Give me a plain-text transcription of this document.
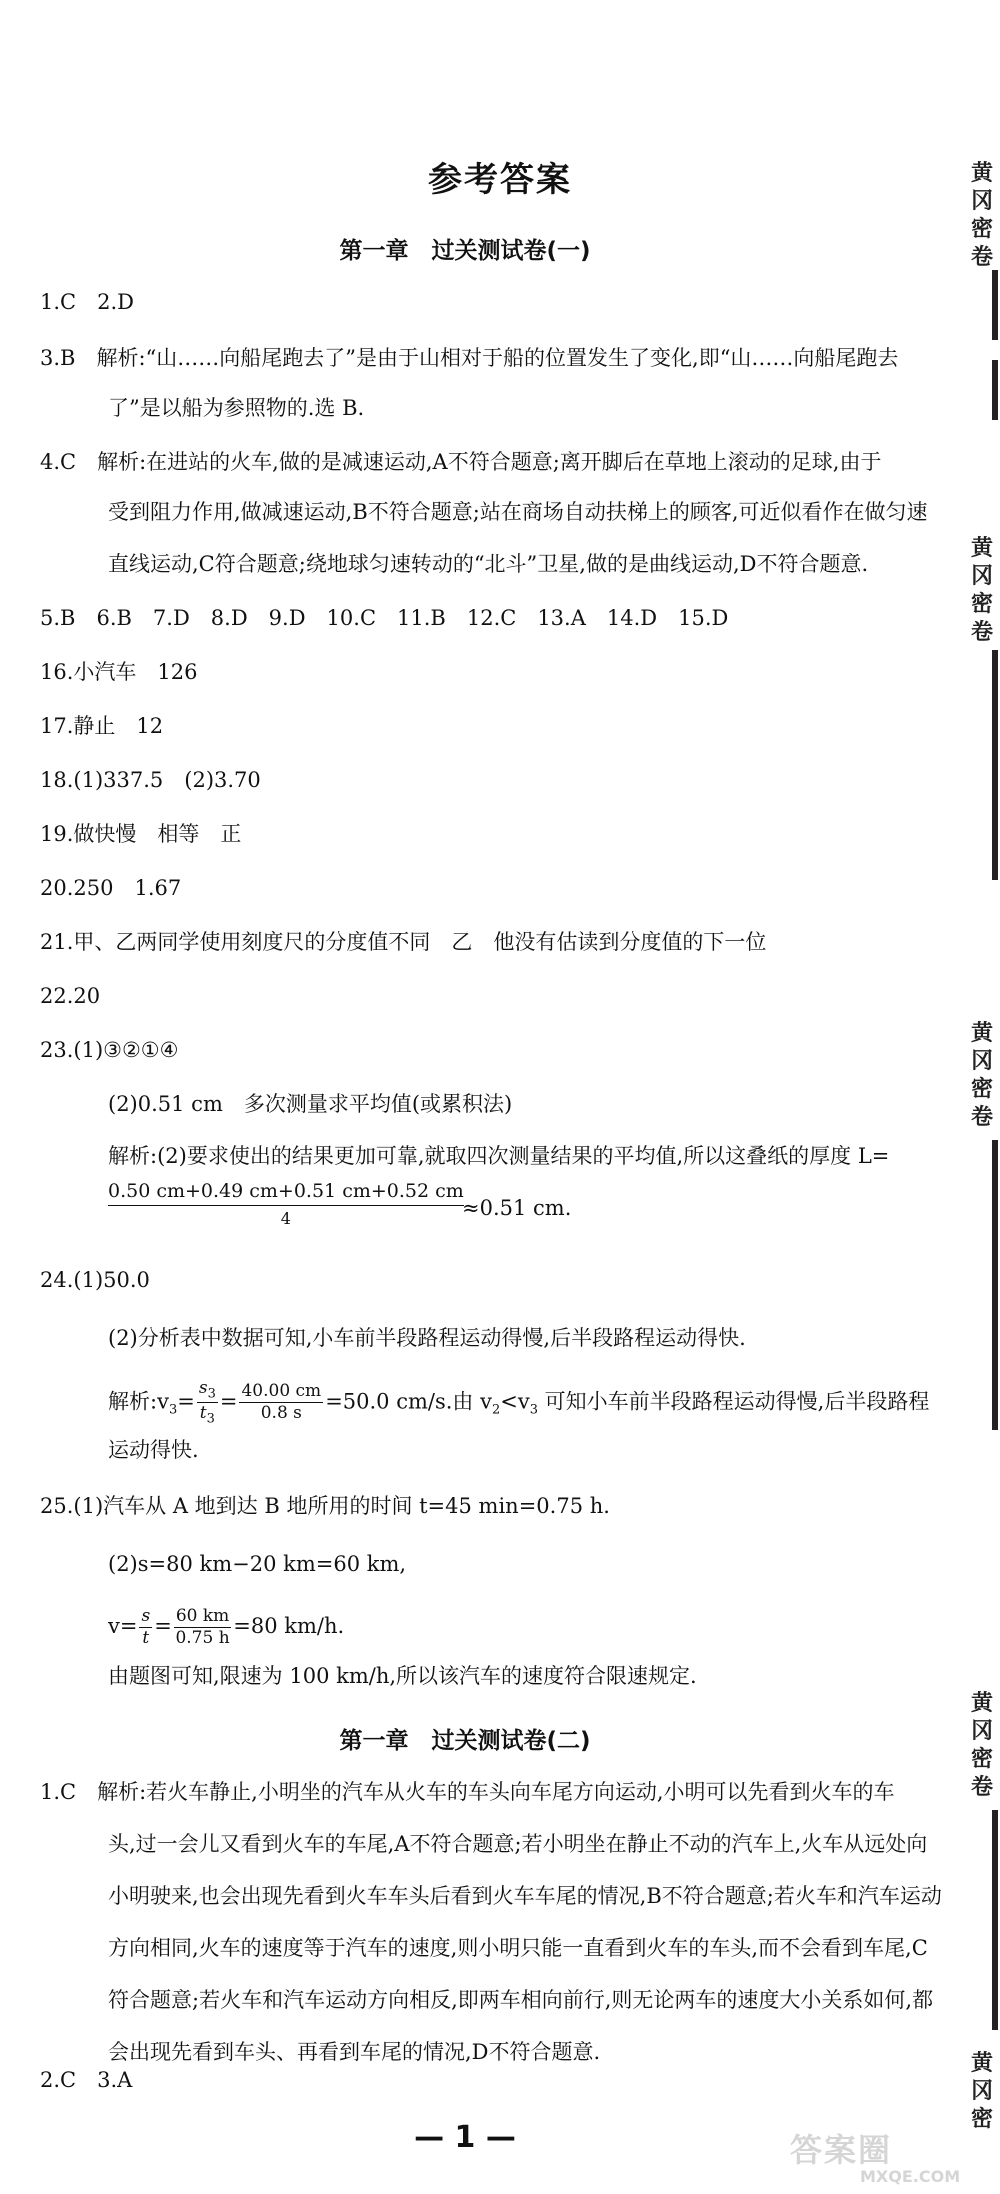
参考答案
第一章　过关测试卷(一)
1.C　2.D
3.B　解析:“山……向船尾跑去了”是由于山相对于船的位置发生了变化,即“山……向船尾跑去
了”是以船为参照物的.选 B.
4.C　解析:在进站的火车,做的是减速运动,A不符合题意;离开脚后在草地上滚动的足球,由于
受到阻力作用,做减速运动,B不符合题意;站在商场自动扶梯上的顾客,可近似看作在做匀速
直线运动,C符合题意;绕地球匀速转动的“北斗”卫星,做的是曲线运动,D不符合题意.
5.B　6.B　7.D　8.D　9.D　10.C　11.B　12.C　13.A　14.D　15.D
16.小汽车　126
17.静止　12
18.(1)337.5　(2)3.70
19.做快慢　相等　正
20.250　1.67
21.甲、乙两同学使用刻度尺的分度值不同　乙　他没有估读到分度值的下一位
22.20
23.(1)③②①④
(2)0.51 cm　多次测量求平均值(或累积法)
解析:(2)要求使出的结果更加可靠,就取四次测量结果的平均值,所以这叠纸的厚度 L=
0.50 cm+0.49 cm+0.51 cm+0.52 cm
4	≈0.51 cm.
24.(1)50.0
(2)分析表中数据可知,小车前半段路程运动得慢,后半段路程运动得快.
解析$:v_3= \frac{s_3}{t_3} = \frac{40.00 cm}{0.8 s} =50.0$ cm/s.由 $v_2<v_3$ 可知小车前半段路程运动得慢,后半段路程
运动得快.
25.(1)汽车从 A 地到达 B 地所用的时间 t=45 min=0.75 h.
(2)s=80 km−20 km=60 km,
$v= \frac{s}{t} = \frac{60 km}{0.75 h} =80$ km/h.
由题图可知,限速为 100 km/h,所以该汽车的速度符合限速规定.
第一章　过关测试卷(二)
1.C　解析:若火车静止,小明坐的汽车从火车的车头向车尾方向运动,小明可以先看到火车的车
头,过一会儿又看到火车的车尾,A不符合题意;若小明坐在静止不动的汽车上,火车从远处向
小明驶来,也会出现先看到火车车头后看到火车车尾的情况,B不符合题意;若火车和汽车运动
方向相同,火车的速度等于汽车的速度,则小明只能一直看到火车的车头,而不会看到车尾,C
符合题意;若火车和汽车运动方向相反,即两车相向前行,则无论两车的速度大小关系如何,都
会出现先看到车头、再看到车尾的情况,D不符合题意.
2.C　3.A
— 1 —
黄
冈
密
卷
黄
冈
密
卷
黄
冈
密
卷
黄
冈
密
卷
黄
冈
密
答案圈
MXQE.COM
